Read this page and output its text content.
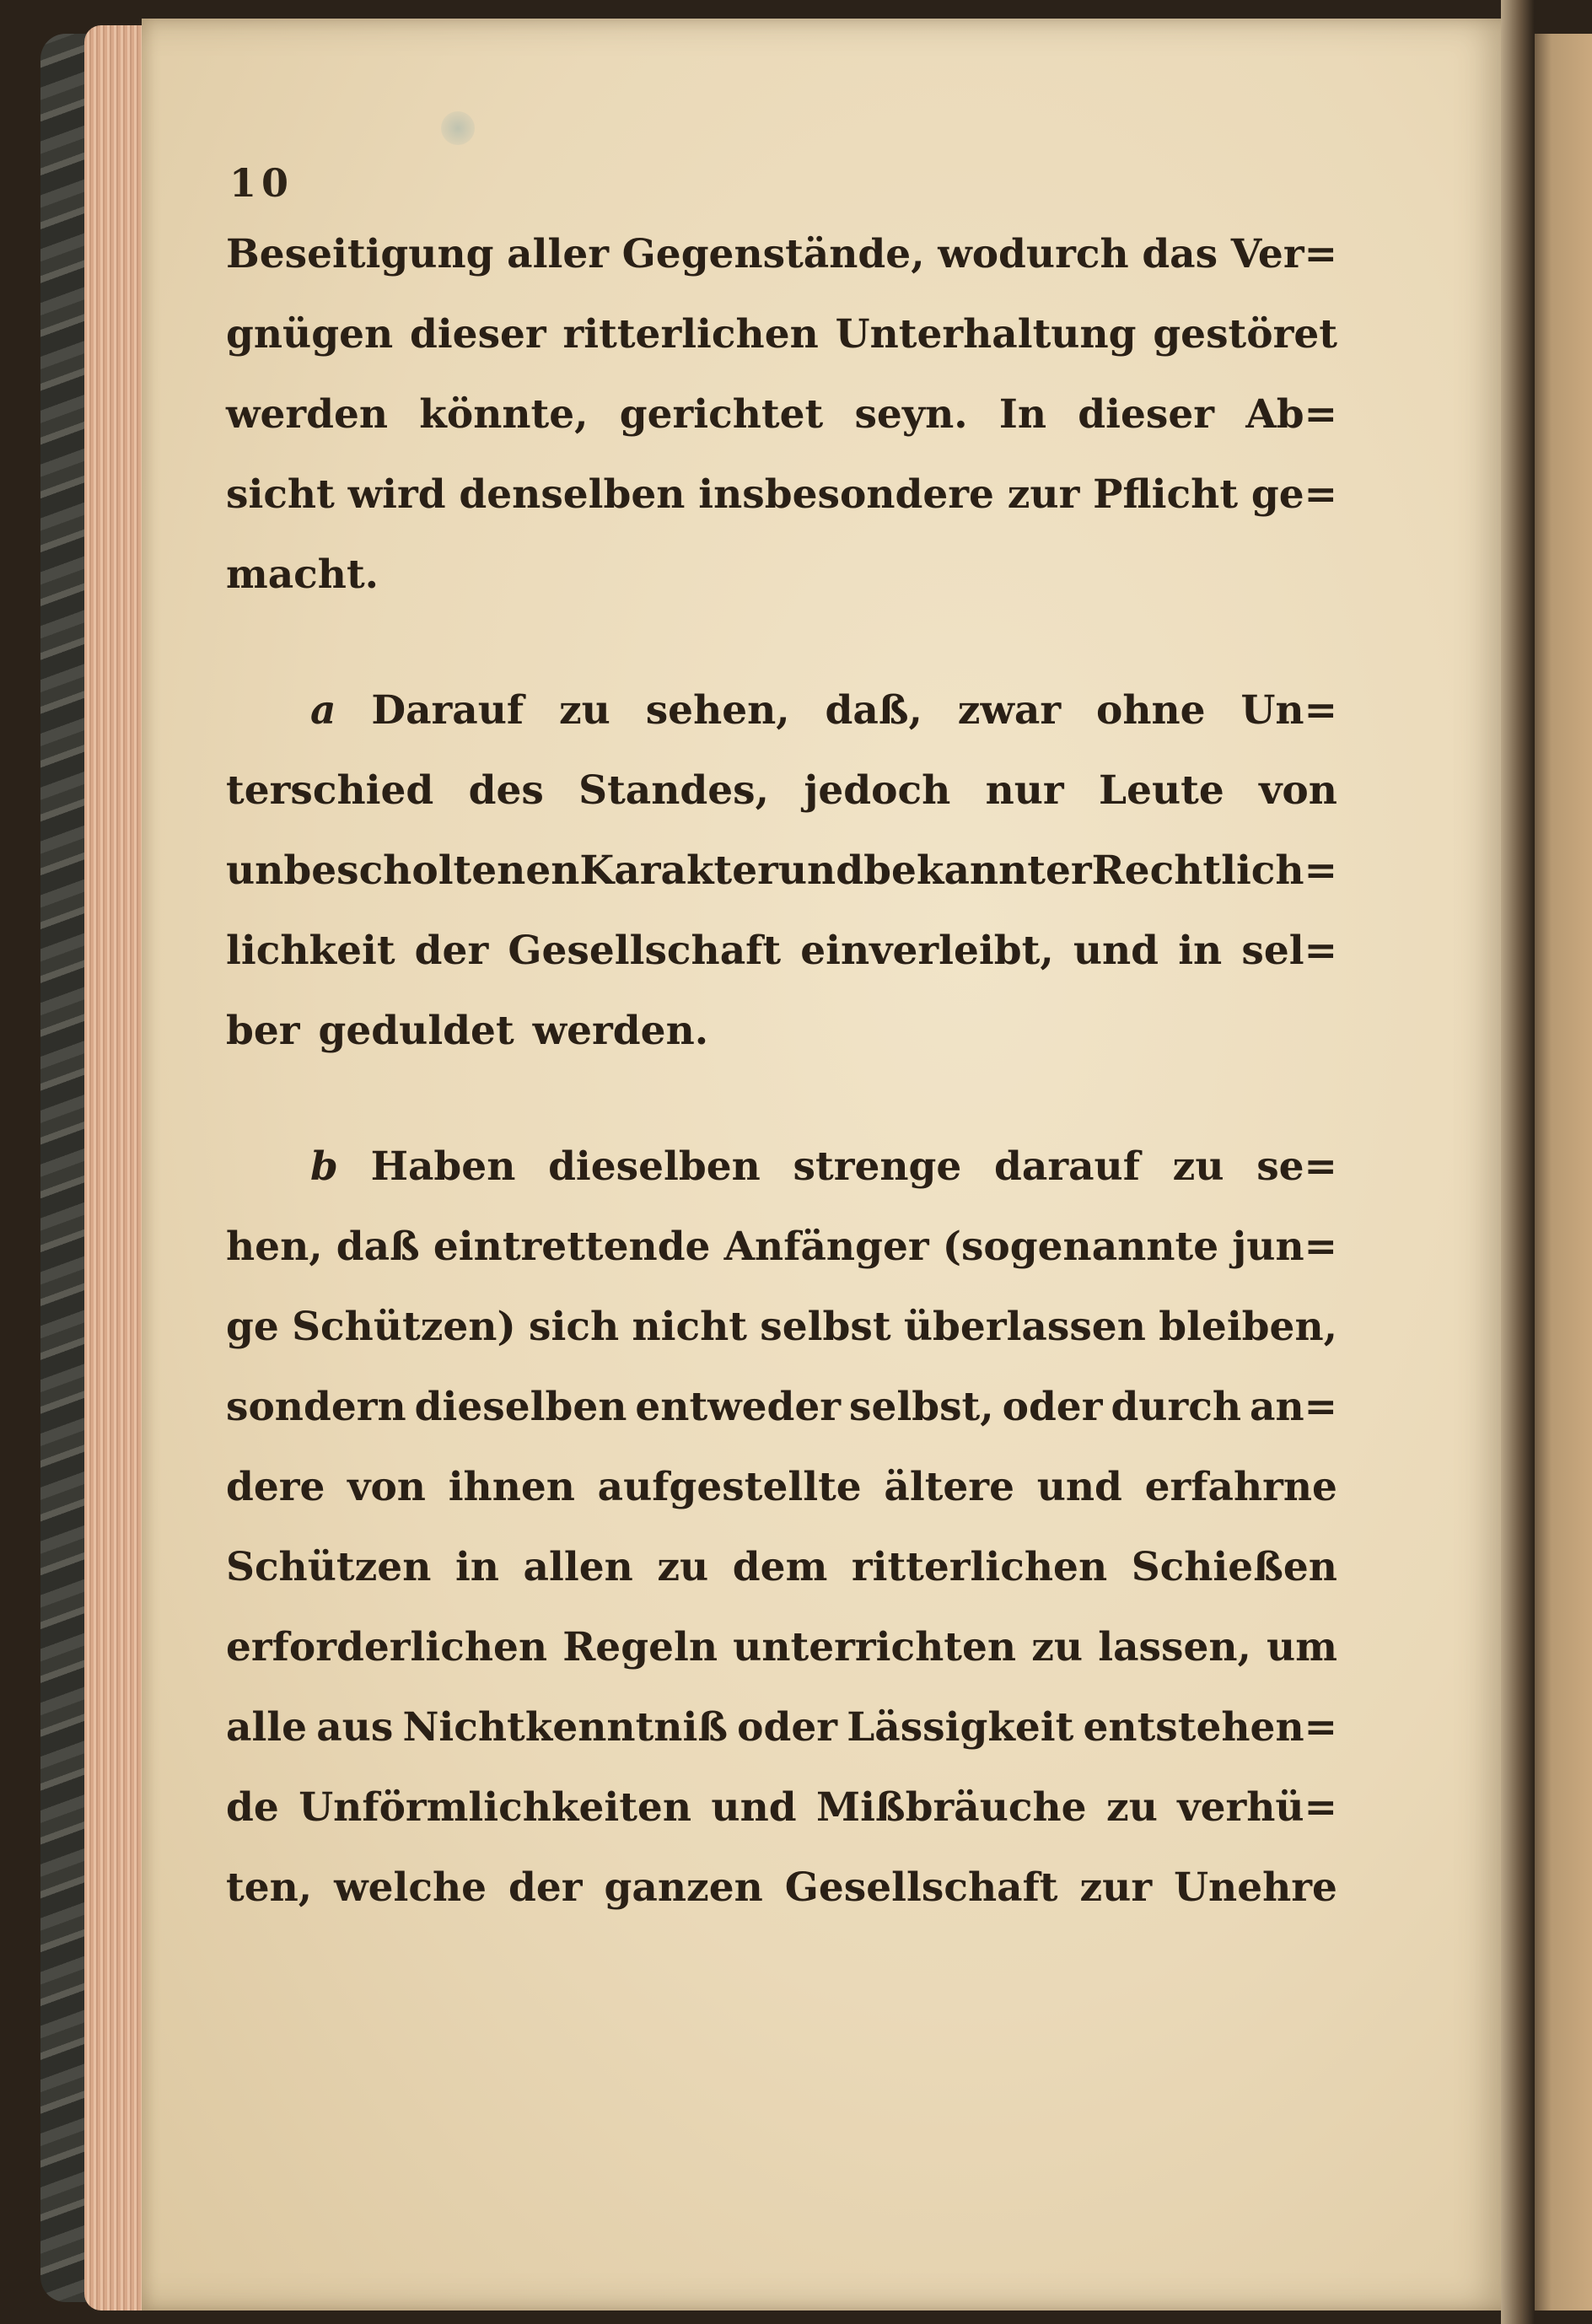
10
Beseitigung aller Gegenstände, wodurch das Ver=
gnügen dieser ritterlichen Unterhaltung gestöret
werden könnte, gerichtet seyn. In dieser Ab=
sicht wird denselben insbesondere zur Pflicht ge=
macht.
a Darauf zu sehen, daß, zwar ohne Un=
terschied des Standes, jedoch nur Leute von
unbescholtenen Karakter und bekannter Rechtlich=
lichkeit der Gesellschaft einverleibt, und in sel=
ber geduldet werden.
b Haben dieselben strenge darauf zu se=
hen, daß eintrettende Anfänger (sogenannte jun=
ge Schützen) sich nicht selbst überlassen bleiben,
sondern dieselben entweder selbst, oder durch an=
dere von ihnen aufgestellte ältere und erfahrne
Schützen in allen zu dem ritterlichen Schießen
erforderlichen Regeln unterrichten zu lassen, um
alle aus Nichtkenntniß oder Lässigkeit entstehen=
de Unförmlichkeiten und Mißbräuche zu verhü=
ten, welche der ganzen Gesellschaft zur Unehre
